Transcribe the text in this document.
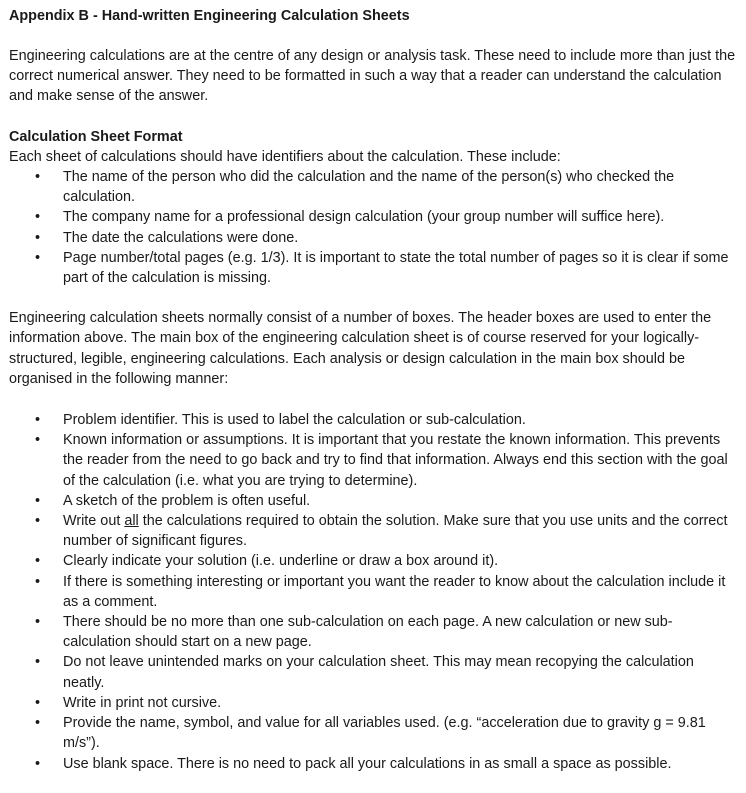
Appendix B - Hand-written Engineering Calculation Sheets

Engineering calculations are at the centre of any design or analysis task. These need to include more than just the correct numerical answer. They need to be formatted in such a way that a reader can understand the calculation and make sense of the answer.

Calculation Sheet Format

Each sheet of calculations should have identifiers about the calculation. These include:

• The name of the person who did the calculation and the name of the person(s) who checked the calculation.
• The company name for a professional design calculation (your group number will suffice here).
• The date the calculations were done.
• Page number/total pages (e.g. 1/3). It is important to state the total number of pages so it is clear if some part of the calculation is missing.

Engineering calculation sheets normally consist of a number of boxes. The header boxes are used to enter the information above. The main box of the engineering calculation sheet is of course reserved for your logically-structured, legible, engineering calculations. Each analysis or design calculation in the main box should be organised in the following manner:

• Problem identifier. This is used to label the calculation or sub-calculation.
• Known information or assumptions. It is important that you restate the known information. This prevents the reader from the need to go back and try to find that information. Always end this section with the goal of the calculation (i.e. what you are trying to determine).
• A sketch of the problem is often useful.
• Write out all the calculations required to obtain the solution. Make sure that you use units and the correct number of significant figures.
• Clearly indicate your solution (i.e. underline or draw a box around it).
• If there is something interesting or important you want the reader to know about the calculation include it as a comment.
• There should be no more than one sub-calculation on each page. A new calculation or new sub-calculation should start on a new page.
• Do not leave unintended marks on your calculation sheet. This may mean recopying the calculation neatly.
• Write in print not cursive.
• Provide the name, symbol, and value for all variables used. (e.g. “acceleration due to gravity g = 9.81 m/s”).
• Use blank space. There is no need to pack all your calculations in as small a space as possible.
